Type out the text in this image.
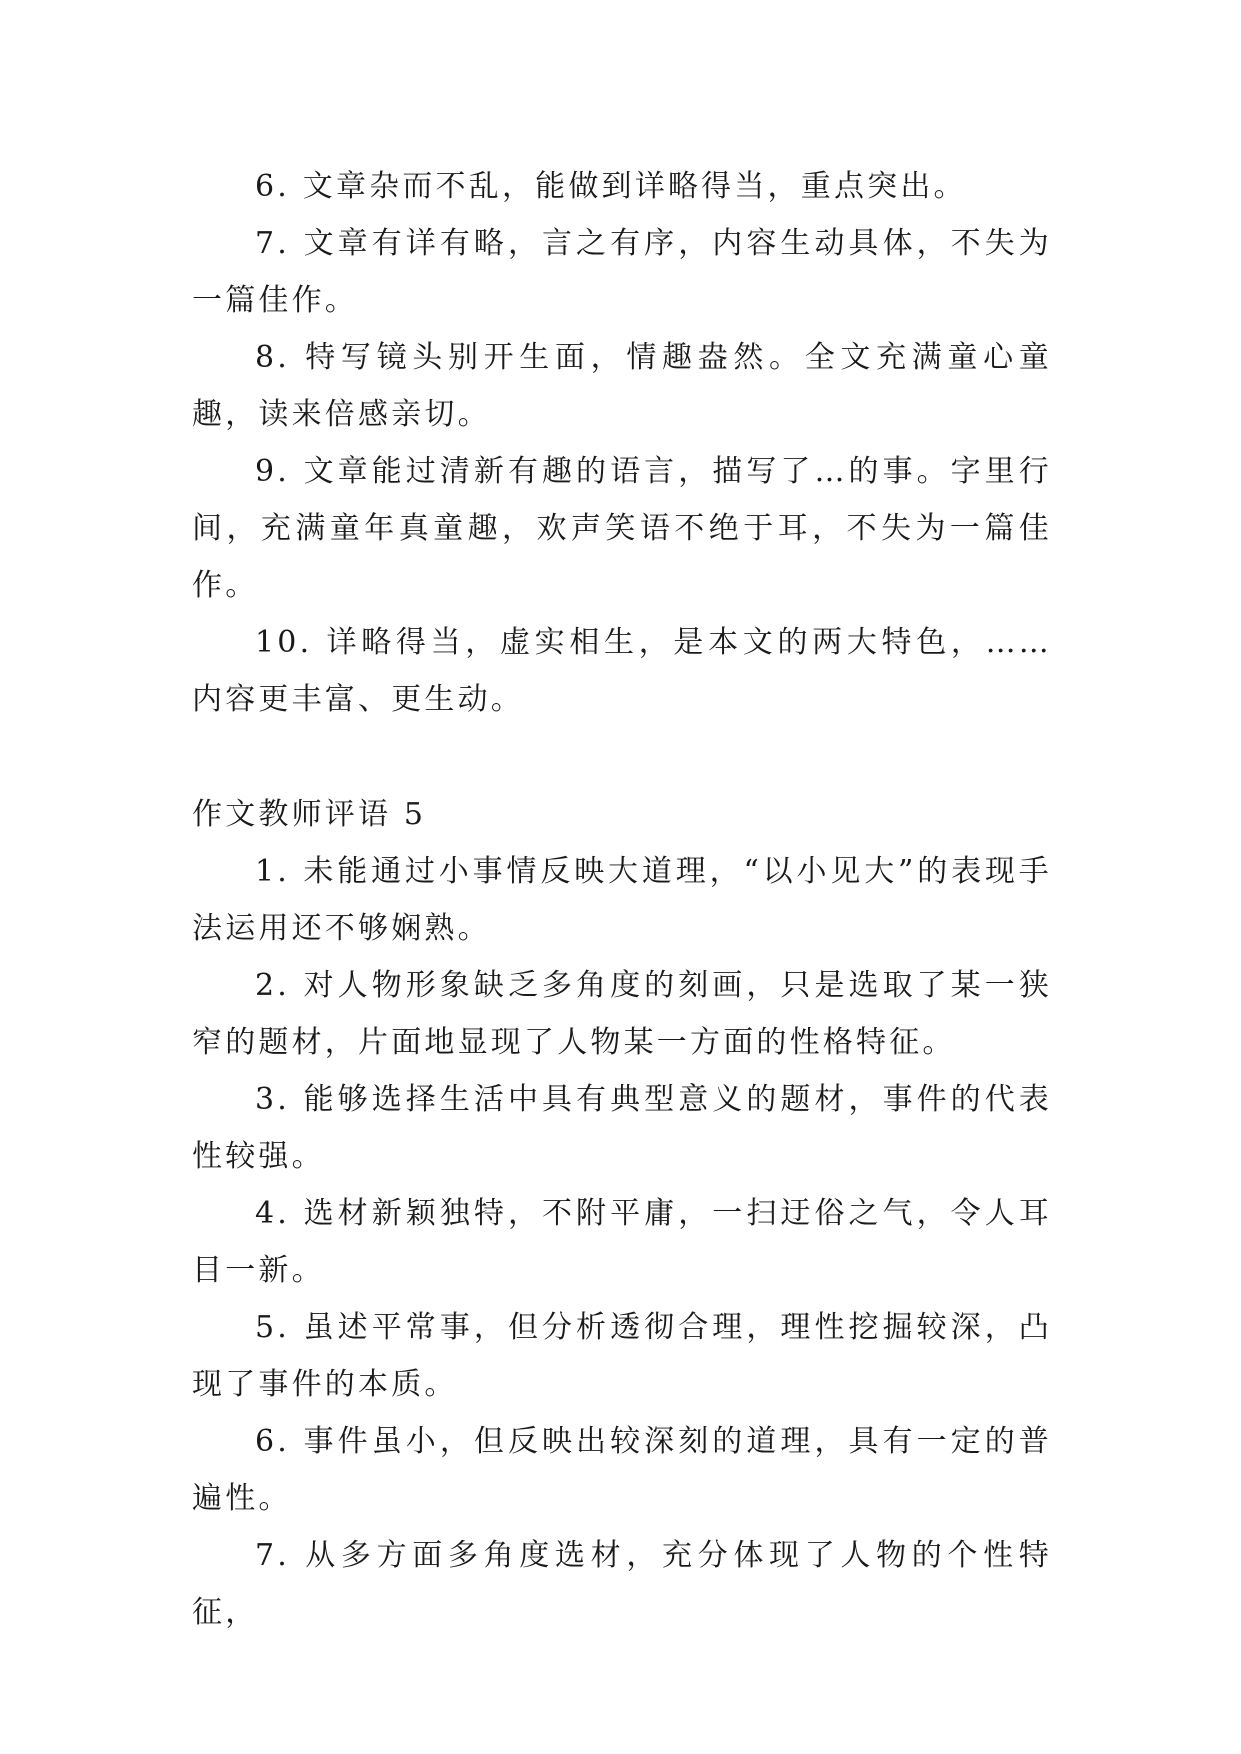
6. 文章杂而不乱，能做到详略得当，重点突出。

7. 文章有详有略，言之有序，内容生动具体，不失为一篇佳作。

8. 特写镜头别开生面，情趣盎然。全文充满童心童趣，读来倍感亲切。

9. 文章能过清新有趣的语言，描写了…的事。字里行间，充满童年真童趣，欢声笑语不绝于耳，不失为一篇佳作。

10. 详略得当，虚实相生，是本文的两大特色，……内容更丰富、更生动。

作文教师评语 5

1. 未能通过小事情反映大道理，“以小见大”的表现手法运用还不够娴熟。

2. 对人物形象缺乏多角度的刻画，只是选取了某一狭窄的题材，片面地显现了人物某一方面的性格特征。

3. 能够选择生活中具有典型意义的题材，事件的代表性较强。

4. 选材新颖独特，不附平庸，一扫迂俗之气，令人耳目一新。

5. 虽述平常事，但分析透彻合理，理性挖掘较深，凸现了事件的本质。

6. 事件虽小，但反映出较深刻的道理，具有一定的普遍性。

7. 从多方面多角度选材，充分体现了人物的个性特征，
